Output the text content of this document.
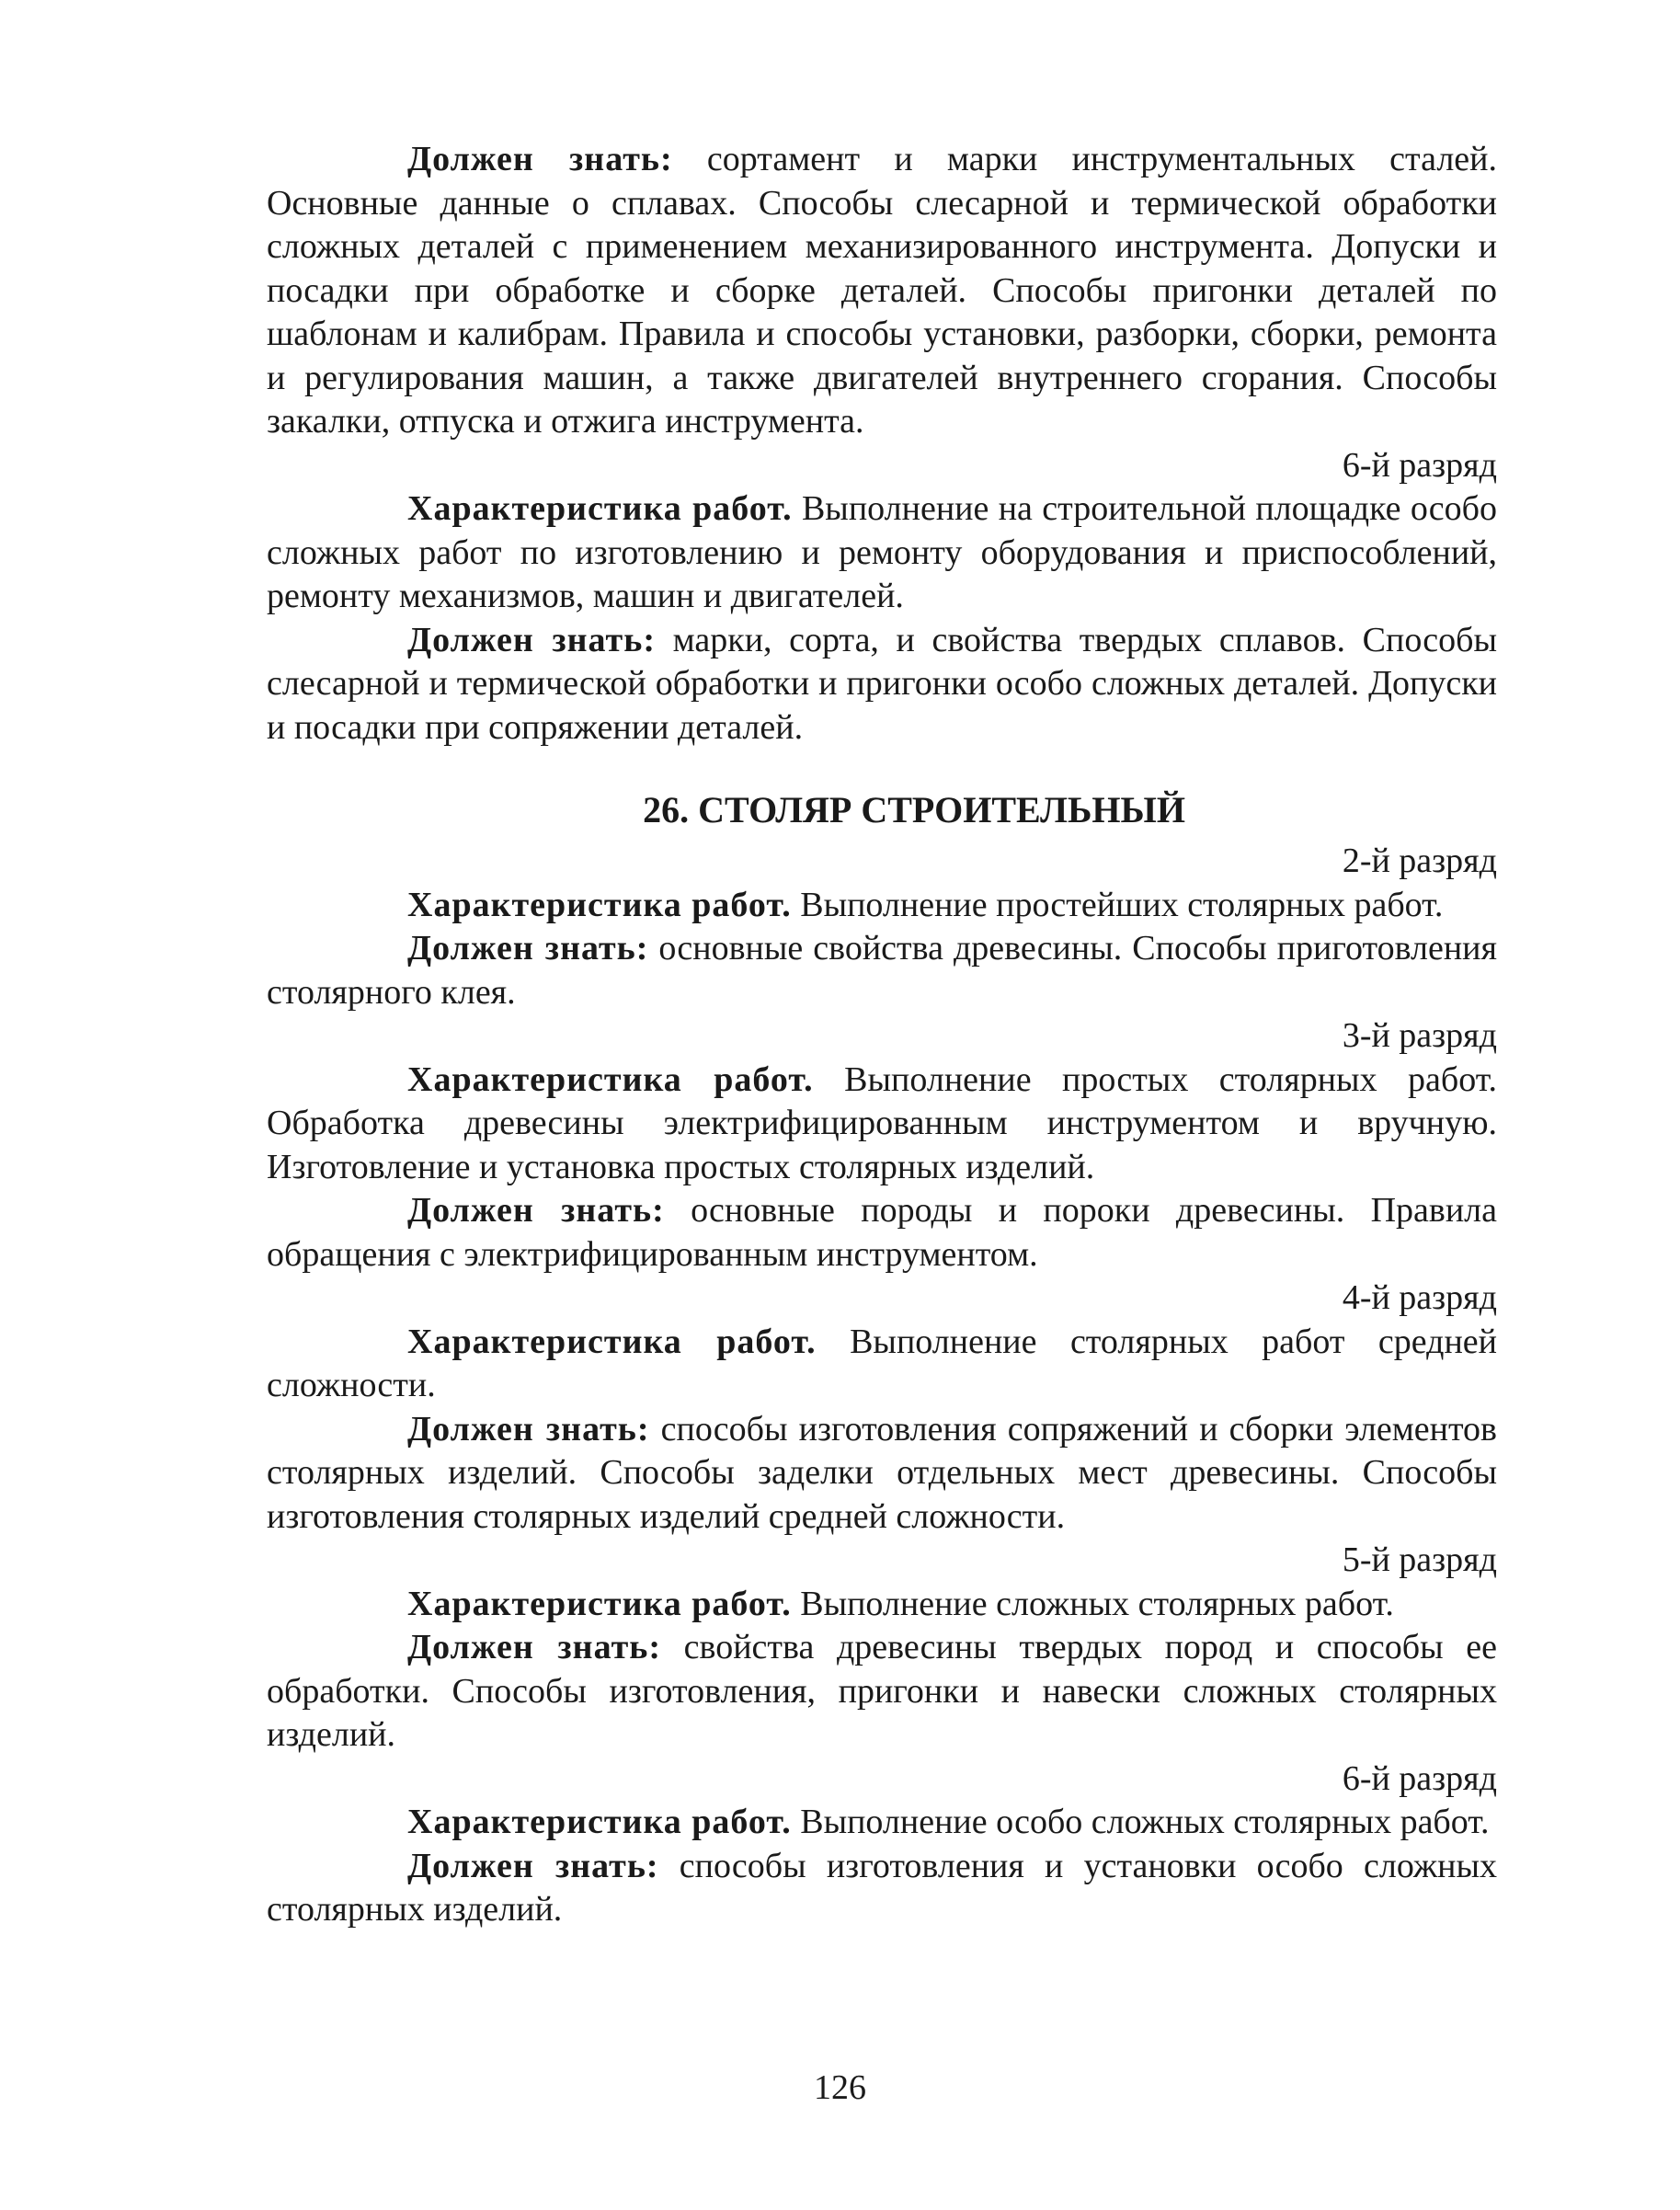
Должен знать: сортамент и марки инструментальных сталей. Основные данные о сплавах. Способы слесарной и термической обработки сложных деталей с применением механизированного инструмента. Допуски и посадки при обработке и сборке деталей. Способы пригонки деталей по шаблонам и калибрам. Правила и способы установки, разборки, сборки, ремонта и регулирования машин, а также двигателей внутреннего сгорания. Способы закалки, отпуска и отжига инструмента.

6-й разряд

Характеристика работ. Выполнение на строительной площадке особо сложных работ по изготовлению и ремонту оборудования и приспособлений, ремонту механизмов, машин и двигателей.

Должен знать: марки, сорта, и свойства твердых сплавов. Способы слесарной и термической обработки и пригонки особо сложных деталей. Допуски и посадки при сопряжении деталей.

26. СТОЛЯР СТРОИТЕЛЬНЫЙ

2-й разряд

Характеристика работ. Выполнение простейших столярных работ.

Должен знать: основные свойства древесины. Способы приготовления столярного клея.

3-й разряд

Характеристика работ. Выполнение простых столярных работ. Обработка древесины электрифицированным инструментом и вручную. Изготовление и установка простых столярных изделий.

Должен знать: основные породы и пороки древесины. Правила обращения с электрифицированным инструментом.

4-й разряд

Характеристика работ. Выполнение столярных работ средней сложности.

Должен знать: способы изготовления сопряжений и сборки элементов столярных изделий. Способы заделки отдельных мест древесины. Способы изготовления столярных изделий средней сложности.

5-й разряд

Характеристика работ. Выполнение сложных столярных работ.

Должен знать: свойства древесины твердых пород и способы ее обработки. Способы изготовления, пригонки и навески сложных столярных изделий.

6-й разряд

Характеристика работ. Выполнение особо сложных столярных работ.

Должен знать: способы изготовления и установки особо сложных столярных изделий.

126
